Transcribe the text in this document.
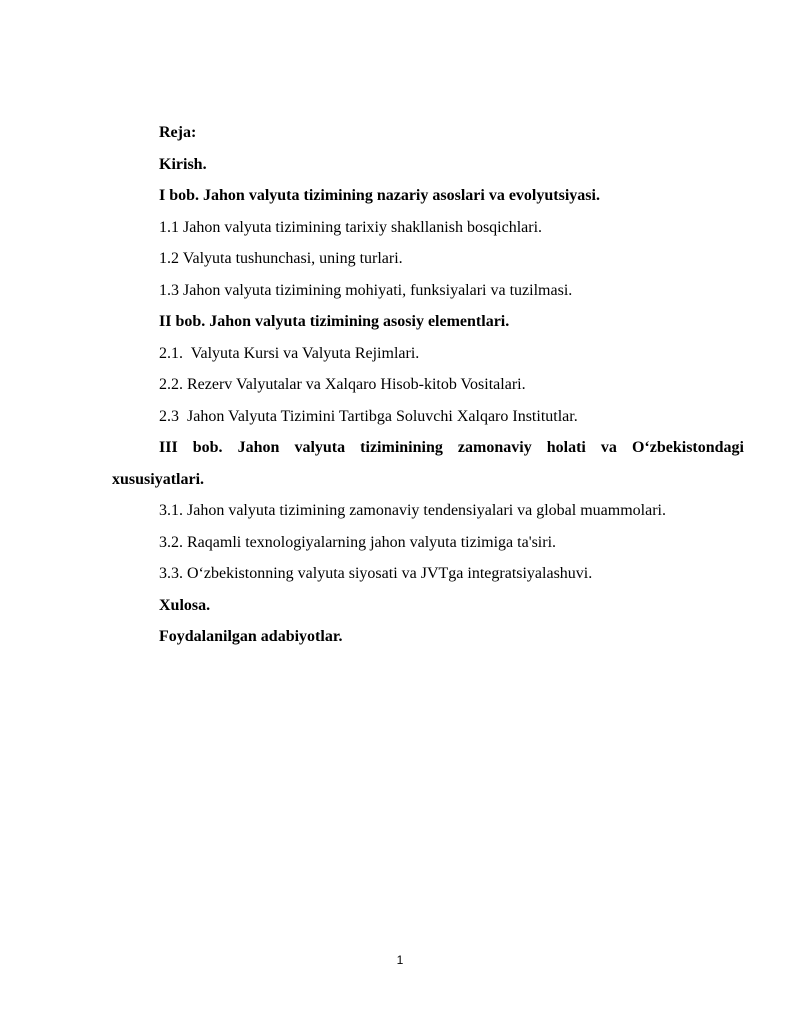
Reja:
Kirish.
I bob. Jahon valyuta tizimining nazariy asoslari va evolyutsiyasi.
1.1 Jahon valyuta tizimining tarixiy shakllanish bosqichlari.
1.2 Valyuta tushunchasi, uning turlari.
1.3 Jahon valyuta tizimining mohiyati, funksiyalari va tuzilmasi.
II bob. Jahon valyuta tizimining asosiy elementlari.
2.1.  Valyuta Kursi va Valyuta Rejimlari.
2.2. Rezerv Valyutalar va Xalqaro Hisob-kitob Vositalari.
2.3  Jahon Valyuta Tizimini Tartibga Soluvchi Xalqaro Institutlar.
III bob. Jahon valyuta tiziminining zamonaviy holati va O‘zbekistondagi xususiyatlari.
3.1. Jahon valyuta tizimining zamonaviy tendensiyalari va global muammolari.
3.2. Raqamli texnologiyalarning jahon valyuta tizimiga ta'siri.
3.3. O‘zbekistonning valyuta siyosati va JVTga integratsiyalashuvi.
Xulosa.
Foydalanilgan adabiyotlar.
1
